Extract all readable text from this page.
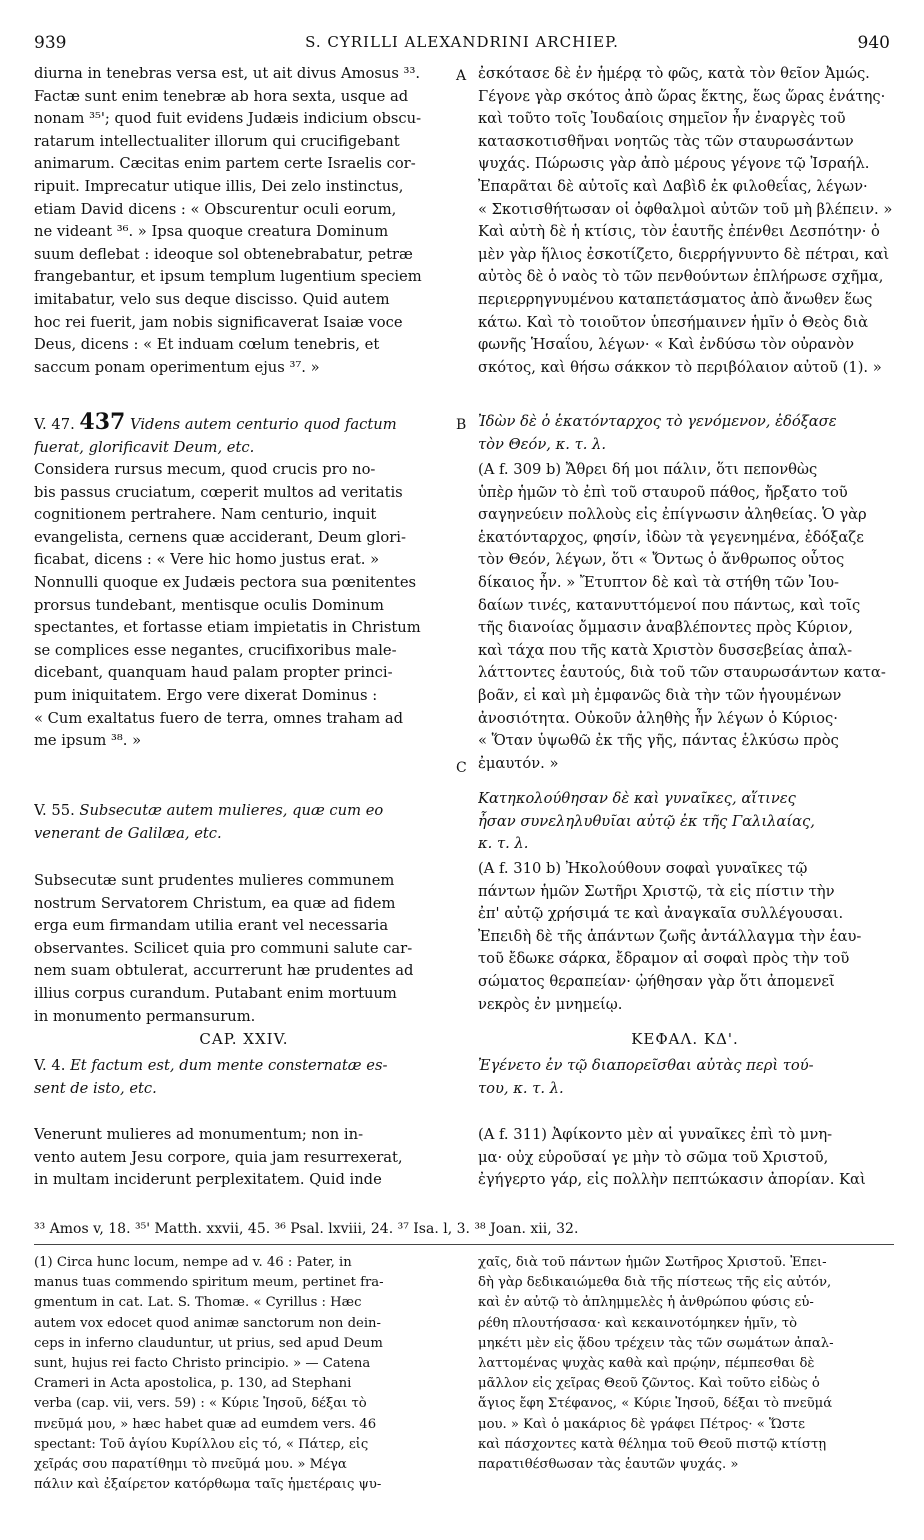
939	S. CYRILLI ALEXANDRINI ARCHIEP.	940
A
B
C
diurna in tenebras versa est, ut ait divus Amosus ³³.
Factæ sunt enim tenebræ ab hora sexta, usque ad
nonam ³⁵'; quod fuit evidens Judæis indicium obscu-
ratarum intellectualiter illorum qui crucifigebant
animarum. Cæcitas enim partem certe Israelis cor-
ripuit. Imprecatur utique illis, Dei zelo instinctus,
etiam David dicens : « Obscurentur oculi eorum,
ne videant ³⁶. » Ipsa quoque creatura Dominum
suum deflebat : ideoque sol obtenebrabatur, petræ
frangebantur, et ipsum templum lugentium speciem
imitabatur, velo sus deque discisso. Quid autem
hoc rei fuerit, jam nobis significaverat Isaiæ voce
Deus, dicens : « Et induam cœlum tenebris, et
saccum ponam operimentum ejus ³⁷. »
V. 47. 437 Videns autem centurio quod factum
fuerat, glorificavit Deum, etc.
Considera rursus mecum, quod crucis pro no-
bis passus cruciatum, cœperit multos ad veritatis
cognitionem pertrahere. Nam centurio, inquit
evangelista, cernens quæ acciderant, Deum glori-
ficabat, dicens : « Vere hic homo justus erat. »
Nonnulli quoque ex Judæis pectora sua pœnitentes
prorsus tundebant, mentisque oculis Dominum
spectantes, et fortasse etiam impietatis in Christum
se complices esse negantes, crucifixoribus male-
dicebant, quanquam haud palam propter princi-
pum iniquitatem. Ergo vere dixerat Dominus :
« Cum exaltatus fuero de terra, omnes traham ad
me ipsum ³⁸. »
V. 55. Subsecutæ autem mulieres, quæ cum eo
venerant de Galilæa, etc.
Subsecutæ sunt prudentes mulieres communem
nostrum Servatorem Christum, ea quæ ad fidem
erga eum firmandam utilia erant vel necessaria
observantes. Scilicet quia pro communi salute car-
nem suam obtulerat, accurrerunt hæ prudentes ad
illius corpus curandum. Putabant enim mortuum
in monumento permansurum.
CAP. XXIV.
V. 4. Et factum est, dum mente consternatæ es-
sent de isto, etc.
Venerunt mulieres ad monumentum; non in-
vento autem Jesu corpore, quia jam resurrexerat,
in multam inciderunt perplexitatem. Quid inde
ἐσκότασε δὲ ἐν ἡμέρᾳ τὸ φῶς, κατὰ τὸν θεῖον Ἀμώς.
Γέγονε γὰρ σκότος ἀπὸ ὥρας ἕκτης, ἕως ὥρας ἐνάτης·
καὶ τοῦτο τοῖς Ἰουδαίοις σημεῖον ἦν ἐναργὲς τοῦ
κατασκοτισθῆναι νοητῶς τὰς τῶν σταυρωσάντων
ψυχάς. Πώρωσις γὰρ ἀπὸ μέρους γέγονε τῷ Ἰσραήλ.
Ἐπαρᾶται δὲ αὐτοῖς καὶ Δαβὶδ ἐκ φιλοθεΐας, λέγων·
« Σκοτισθήτωσαν οἱ ὀφθαλμοὶ αὐτῶν τοῦ μὴ βλέπειν. »
Καὶ αὐτὴ δὲ ἡ κτίσις, τὸν ἑαυτῆς ἐπένθει Δεσπότην· ὁ
μὲν γὰρ ἥλιος ἐσκοτίζετο, διερρήγνυντο δὲ πέτραι, καὶ
αὐτὸς δὲ ὁ ναὸς τὸ τῶν πενθούντων ἐπλήρωσε σχῆμα,
περιερρηγνυμένου καταπετάσματος ἀπὸ ἄνωθεν ἕως
κάτω. Καὶ τὸ τοιοῦτον ὑπεσήμαινεν ἡμῖν ὁ Θεὸς διὰ
φωνῆς Ἡσαΐου, λέγων· « Καὶ ἐνδύσω τὸν οὐρανὸν
σκότος, καὶ θήσω σάκκον τὸ περιβόλαιον αὐτοῦ (1). »
Ἰδὼν δὲ ὁ ἑκατόνταρχος τὸ γενόμενον, ἐδόξασε
τὸν Θεόν, κ. τ. λ.
(A f. 309 b) Ἄθρει δή μοι πάλιν, ὅτι πεπονθὼς
ὑπὲρ ἡμῶν τὸ ἐπὶ τοῦ σταυροῦ πάθος, ἤρξατο τοῦ
σαγηνεύειν πολλοὺς εἰς ἐπίγνωσιν ἀληθείας. Ὁ γὰρ
ἑκατόνταρχος, φησίν, ἰδὼν τὰ γεγενημένα, ἐδόξαζε
τὸν Θεόν, λέγων, ὅτι « Ὄντως ὁ ἄνθρωπος οὗτος
δίκαιος ἦν. » Ἔτυπτον δὲ καὶ τὰ στήθη τῶν Ἰου-
δαίων τινές, κατανυττόμενοί που πάντως, καὶ τοῖς
τῆς διανοίας ὄμμασιν ἀναβλέποντες πρὸς Κύριον,
καὶ τάχα που τῆς κατὰ Χριστὸν δυσσεβείας ἀπαλ-
λάττοντες ἑαυτούς, διὰ τοῦ τῶν σταυρωσάντων κατα-
βοᾶν, εἰ καὶ μὴ ἐμφανῶς διὰ τὴν τῶν ἡγουμένων
ἀνοσιότητα. Οὐκοῦν ἀληθὴς ἦν λέγων ὁ Κύριος·
« Ὅταν ὑψωθῶ ἐκ τῆς γῆς, πάντας ἑλκύσω πρὸς
ἐμαυτόν. »
Κατηκολούθησαν δὲ καὶ γυναῖκες, αἵτινες
ἦσαν συνεληλυθυῖαι αὐτῷ ἐκ τῆς Γαλιλαίας,
κ. τ. λ.
(A f. 310 b) Ἠκολούθουν σοφαὶ γυναῖκες τῷ
πάντων ἡμῶν Σωτῆρι Χριστῷ, τὰ εἰς πίστιν τὴν
ἐπ' αὐτῷ χρήσιμά τε καὶ ἀναγκαῖα συλλέγουσαι.
Ἐπειδὴ δὲ τῆς ἁπάντων ζωῆς ἀντάλλαγμα τὴν ἑαυ-
τοῦ ἔδωκε σάρκα, ἔδραμον αἱ σοφαὶ πρὸς τὴν τοῦ
σώματος θεραπείαν· ᾠήθησαν γὰρ ὅτι ἀπομενεῖ
νεκρὸς ἐν μνημείῳ.
ΚΕΦΑΛ. ΚΔ'.
Ἐγένετο ἐν τῷ διαπορεῖσθαι αὐτὰς περὶ τού-
του, κ. τ. λ.
(A f. 311) Ἀφίκοντο μὲν αἱ γυναῖκες ἐπὶ τὸ μνη-
μα· οὐχ εὑροῦσαί γε μὴν τὸ σῶμα τοῦ Χριστοῦ,
ἐγήγερτο γάρ, εἰς πολλὴν πεπτώκασιν ἀπορίαν. Καὶ
³³ Amos v, 18. ³⁵' Matth. xxvii, 45. ³⁶ Psal. lxviii, 24. ³⁷ Isa. l, 3. ³⁸ Joan. xii, 32.
(1) Circa hunc locum, nempe ad v. 46 : Pater, in
manus tuas commendo spiritum meum, pertinet fra-
gmentum in cat. Lat. S. Thomæ. « Cyrillus : Hæc
autem vox edocet quod animæ sanctorum non dein-
ceps in inferno clauduntur, ut prius, sed apud Deum
sunt, hujus rei facto Christo principio. » — Catena
Crameri in Acta apostolica, p. 130, ad Stephani
verba (cap. vii, vers. 59) : « Κύριε Ἰησοῦ, δέξαι τὸ
πνεῦμά μου, » hæc habet quæ ad eumdem vers. 46
spectant: Τοῦ ἁγίου Κυρίλλου εἰς τό, « Πάτερ, εἰς
χεῖράς σου παρατίθημι τὸ πνεῦμά μου. » Μέγα
πάλιν καὶ ἐξαίρετον κατόρθωμα ταῖς ἡμετέραις ψυ-
χαῖς, διὰ τοῦ πάντων ἡμῶν Σωτῆρος Χριστοῦ. Ἐπει-
δὴ γὰρ δεδικαιώμεθα διὰ τῆς πίστεως τῆς εἰς αὐτόν,
καὶ ἐν αὐτῷ τὸ ἀπλημμελὲς ἡ ἀνθρώπου φύσις εὑ-
ρέθη πλουτήσασα· καὶ κεκαινοτόμηκεν ἡμῖν, τὸ
μηκέτι μὲν εἰς ᾅδου τρέχειν τὰς τῶν σωμάτων ἀπαλ-
λαττομένας ψυχὰς καθὰ καὶ πρῴην, πέμπεσθαι δὲ
μᾶλλον εἰς χεῖρας Θεοῦ ζῶντος. Καὶ τοῦτο εἰδὼς ὁ
ἅγιος ἔφη Στέφανος, « Κύριε Ἰησοῦ, δέξαι τὸ πνεῦμά
μου. » Καὶ ὁ μακάριος δὲ γράφει Πέτρος· « Ὥστε
καὶ πάσχοντες κατὰ θέλημα τοῦ Θεοῦ πιστῷ κτίστῃ
παρατιθέσθωσαν τὰς ἑαυτῶν ψυχάς. »
